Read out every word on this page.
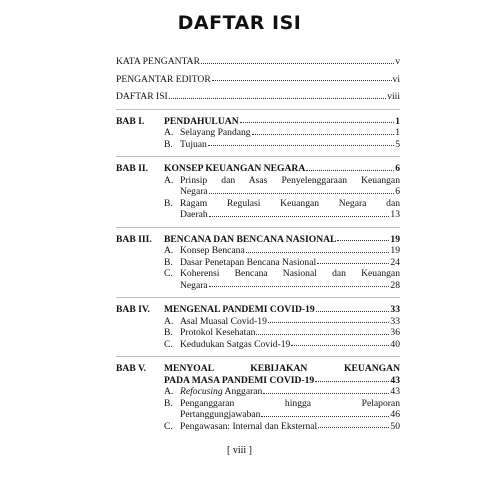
DAFTAR ISI
KATA PENGANTAR	v
PENGANTAR EDITOR	vi
DAFTAR ISI	viii
BAB I.	PENDAHULUAN	1
A. Selayang Pandang	1
B. Tujuan	5
BAB II.	KONSEP KEUANGAN NEGARA	6
A. Prinsip dan Asas Penyelenggaraan Keuangan
Negara	6
B. Ragam Regulasi Keuangan Negara dan
Daerah	13
BAB III.	BENCANA DAN BENCANA NASIONAL	19
A. Konsep Bencana	19
B. Dasar Penetapan Bencana Nasional	24
C. Koherensi Bencana Nasional dan Keuangan
Negara	28
BAB IV.	MENGENAL PANDEMI COVID-19	33
A. Asal Muasal Covid-19	33
B. Protokol Kesehatan	36
C. Kedudukan Satgas Covid-19	40
BAB V.	MENYOAL KEBIJAKAN KEUANGAN
PADA MASA PANDEMI COVID-19	43
A. Refocusing Anggaran	43
B. Penganggaran hingga Pelaporan
Pertanggungjawaban	46
C. Pengawasan: Internal dan Eksternal	50
[ viii ]
